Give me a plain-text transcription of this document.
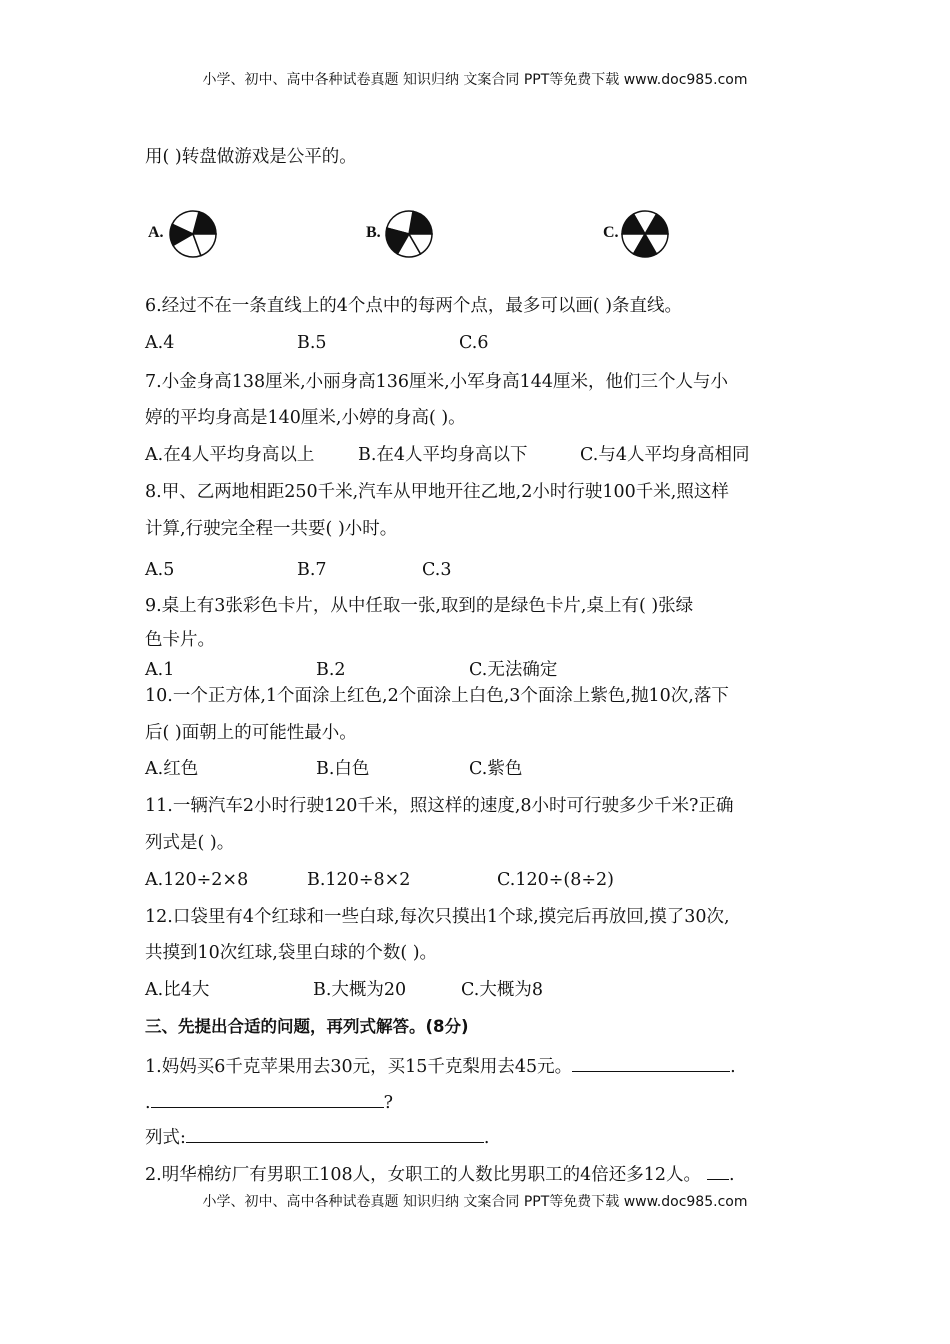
小学、初中、高中各种试卷真题 知识归纳 文案合同 PPT等免费下载 www.doc985.com
用( )转盘做游戏是公平的。
A.	B.	C.
6.经过不在一条直线上的4个点中的每两个点，最多可以画( )条直线。
A.4	B.5	C.6
7.小金身高138厘米,小丽身高136厘米,小军身高144厘米，他们三个人与小
婷的平均身高是140厘米,小婷的身高( )。
A.在4人平均身高以上 B.在4人平均身高以下	C.与4人平均身高相同
8.甲、乙两地相距250千米,汽车从甲地开往乙地,2小时行驶100千米,照这样
计算,行驶完全程一共要( )小时。
A.5	B.7	C.3
9.桌上有3张彩色卡片，从中任取一张,取到的是绿色卡片,桌上有( )张绿
色卡片。
A.1	B.2	C.无法确定
10.一个正方体,1个面涂上红色,2个面涂上白色,3个面涂上紫色,抛10次,落下
后( )面朝上的可能性最小。
A.红色	B.白色	C.紫色
11.一辆汽车2小时行驶120千米，照这样的速度,8小时可行驶多少千米?正确
列式是( )。
A.120÷2×8	B.120÷8×2	C.120÷(8÷2)
12.口袋里有4个红球和一些白球,每次只摸出1个球,摸完后再放回,摸了30次,
共摸到10次红球,袋里白球的个数( )。
A.比4大	B.大概为20	C.大概为8
三、先提出合适的问题，再列式解答。(8分)
1.妈妈买6千克苹果用去30元，买15千克梨用去45元。	.
.	?
列式:	.
2.明华棉纺厂有男职工108人，女职工的人数比男职工的4倍还多12人。 .
小学、初中、高中各种试卷真题 知识归纳 文案合同 PPT等免费下载 www.doc985.com
